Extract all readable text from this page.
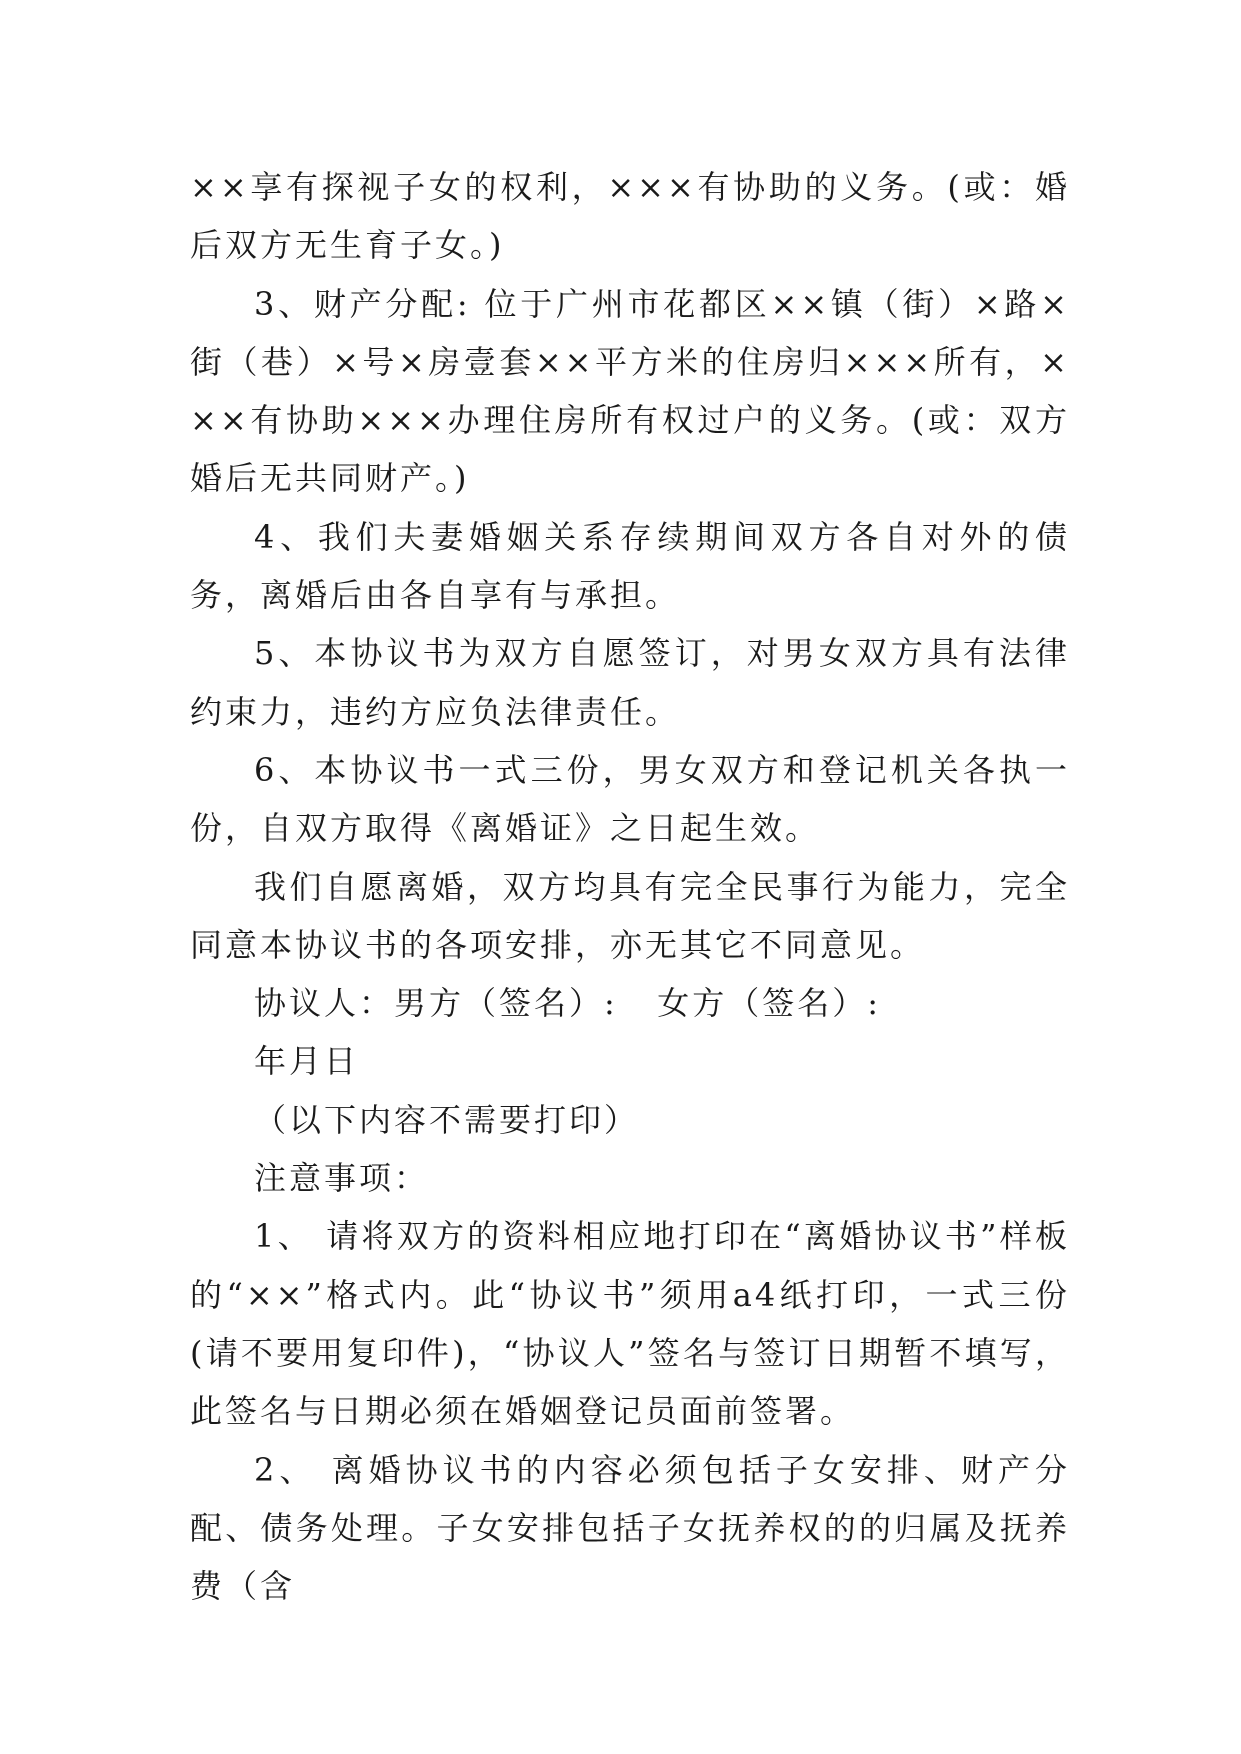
××享有探视子女的权利，×××有协助的义务。(或：婚后双方无生育子女。)

3、财产分配: 位于广州市花都区××镇（街）×路×街（巷）×号×房壹套××平方米的住房归×××所有，×××有协助×××办理住房所有权过户的义务。(或：双方婚后无共同财产。)

4、我们夫妻婚姻关系存续期间双方各自对外的债务，离婚后由各自享有与承担。

5、本协议书为双方自愿签订，对男女双方具有法律约束力，违约方应负法律责任。

6、本协议书一式三份，男女双方和登记机关各执一份，自双方取得《离婚证》之日起生效。

我们自愿离婚，双方均具有完全民事行为能力，完全同意本协议书的各项安排，亦无其它不同意见。

协议人：男方（签名）:   女方（签名）:

年月日

（以下内容不需要打印）

注意事项：

1、 请将双方的资料相应地打印在“离婚协议书”样板的“××”格式内。此“协议书”须用a4纸打印，一式三份(请不要用复印件)，“协议人”签名与签订日期暂不填写，此签名与日期必须在婚姻登记员面前签署。

2、 离婚协议书的内容必须包括子女安排、财产分配、债务处理。子女安排包括子女抚养权的的归属及抚养费（含
